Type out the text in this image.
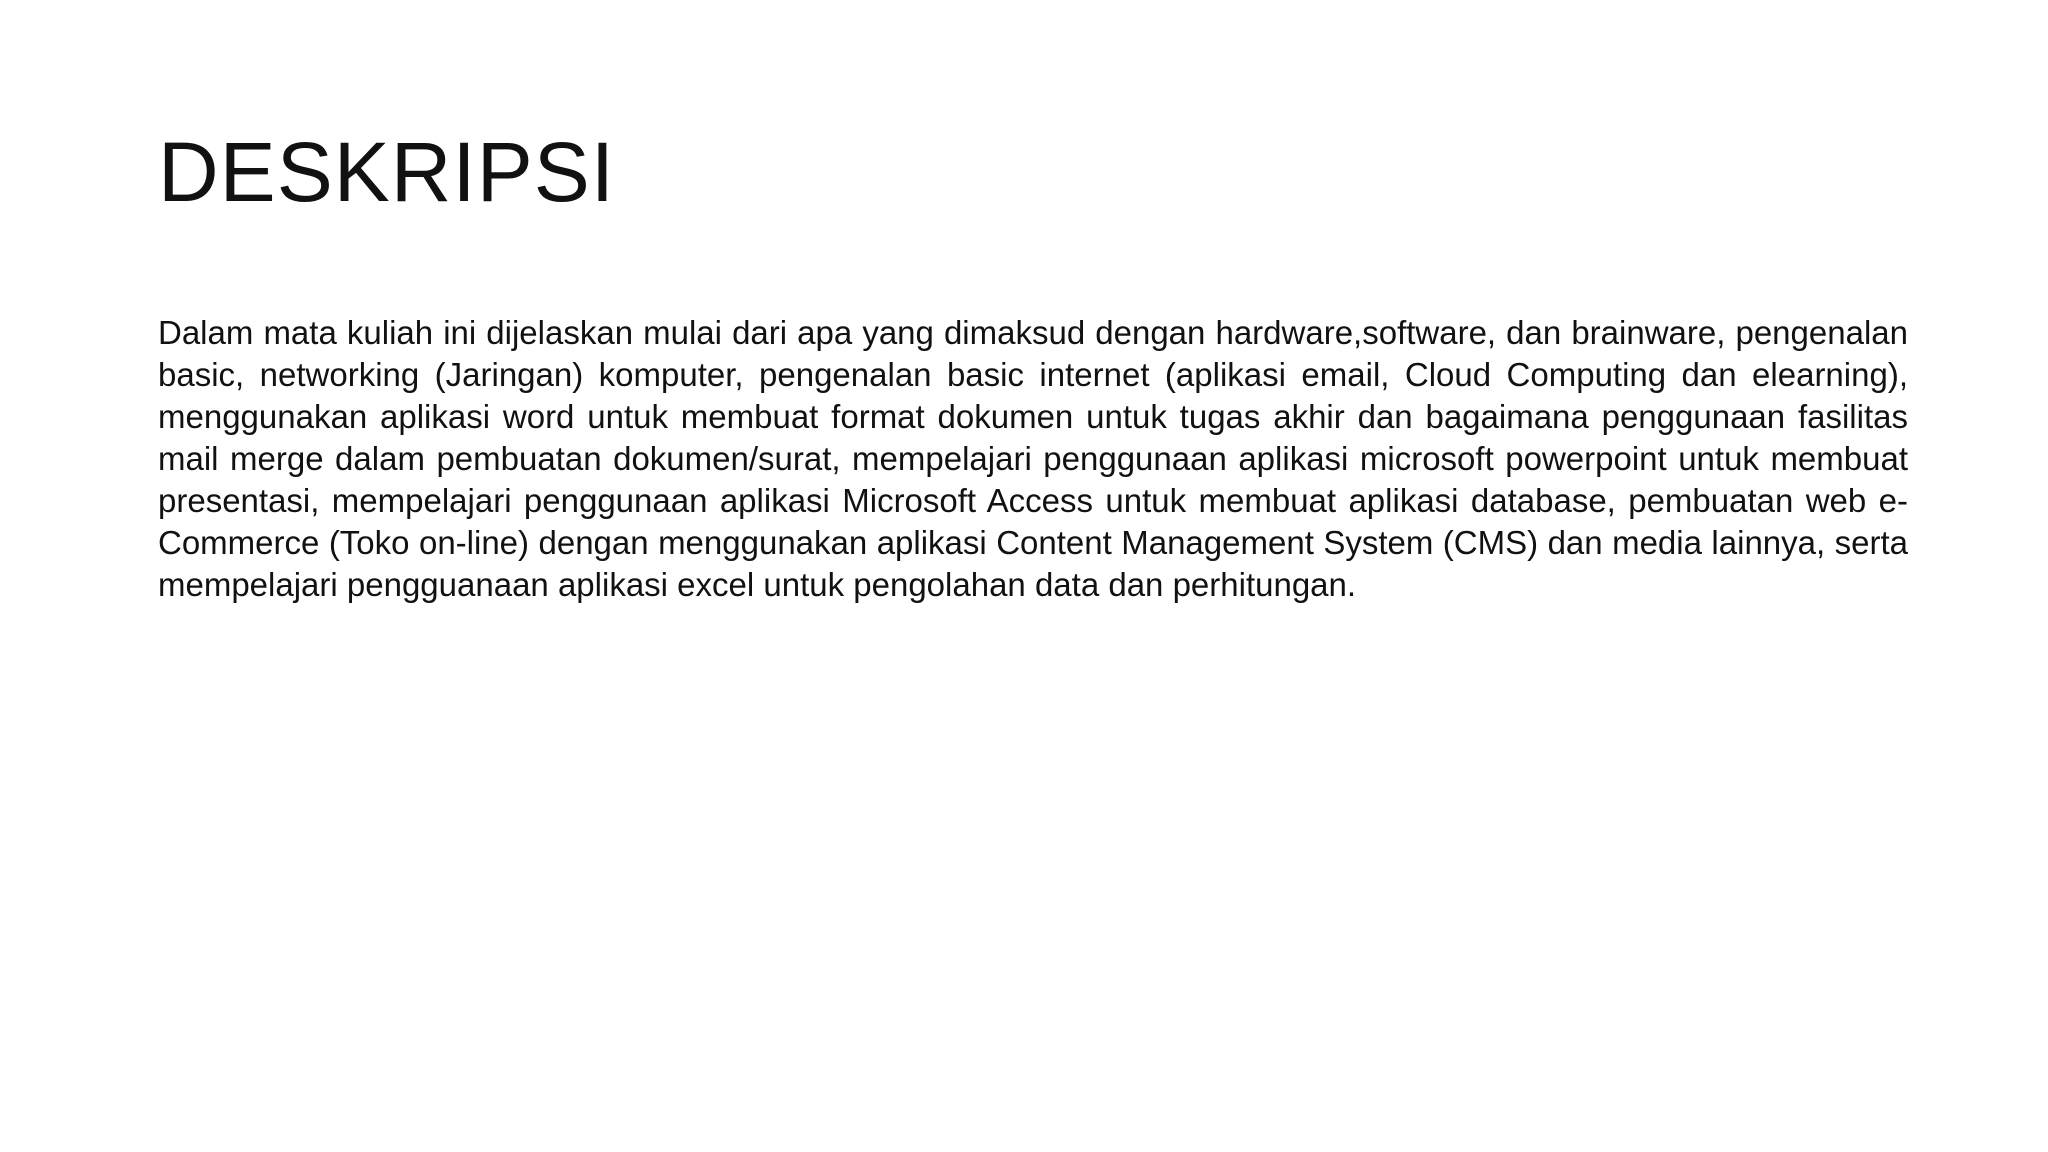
DESKRIPSI

Dalam mata kuliah ini dijelaskan mulai dari apa yang dimaksud dengan hardware,software, dan brainware, pengenalan basic, networking (Jaringan) komputer, pengenalan basic internet (aplikasi email, Cloud Computing dan elearning), menggunakan aplikasi word untuk membuat format dokumen untuk tugas akhir dan bagaimana penggunaan fasilitas mail merge dalam pembuatan dokumen/surat, mempelajari penggunaan aplikasi microsoft powerpoint untuk membuat presentasi, mempelajari penggunaan aplikasi Microsoft Access untuk membuat aplikasi database, pembuatan web e-Commerce (Toko on-line) dengan menggunakan aplikasi Content Management System (CMS) dan media lainnya, serta mempelajari pengguanaan aplikasi excel untuk pengolahan data dan perhitungan.
